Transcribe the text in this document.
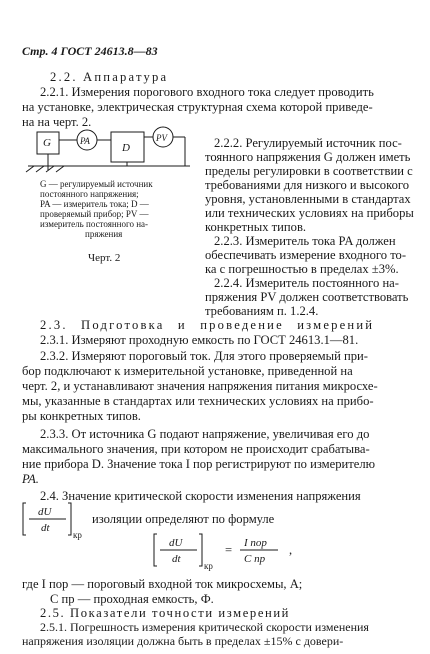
Стр. 4 ГОСТ 24613.8—83
2.2. Аппаратура
2.2.1. Измерения порогового входного тока следует проводить
на установке, электрическая структурная схема которой приведе-
на на черт. 2.
G	PA
D
PV
G — регулируемый источник
постоянного напряжения;
PA — измеритель тока; D —
проверяемый прибор; PV —
измеритель постоянного на-
пряжения
Черт. 2
2.2.2. Регулируемый источник пос-
тоянного напряжения G должен иметь
пределы регулировки в соответствии с
требованиями для низкого и высокого
уровня, установленными в стандартах
или технических условиях на приборы
конкретных типов.
2.2.3. Измеритель тока PA должен
обеспечивать измерение входного то-
ка с погрешностью в пределах ±3%.
2.2.4. Измеритель постоянного на-
пряжения PV должен соответствовать
требованиям п. 1.2.4.
2.3. Подготовка и проведение измерений
2.3.1. Измеряют проходную емкость по ГОСТ 24613.1—81.
2.3.2. Измеряют пороговый ток. Для этого проверяемый при-
бор подключают к измерительной установке, приведенной на
черт. 2, и устанавливают значения напряжения питания микросхе-
мы, указанные в стандартах или технических условиях на прибо-
ры конкретных типов.
2.3.3. От источника G подают напряжение, увеличивая его до
максимального значения, при котором не происходит срабатыва-
ние прибора D. Значение тока I пор регистрируют по измерителю
PA.
2.4. Значение критической скорости изменения напряжения
dU
dt
кр
изоляции определяют по формуле
dU
dt
кр
= I пор
C пр
,
где I пор — пороговый входной ток микросхемы, А;
C пр — проходная емкость, Ф.
2.5. Показатели точности измерений
2.5.1. Погрешность измерения критической скорости изменения
напряжения изоляции должна быть в пределах ±15% с довери-
